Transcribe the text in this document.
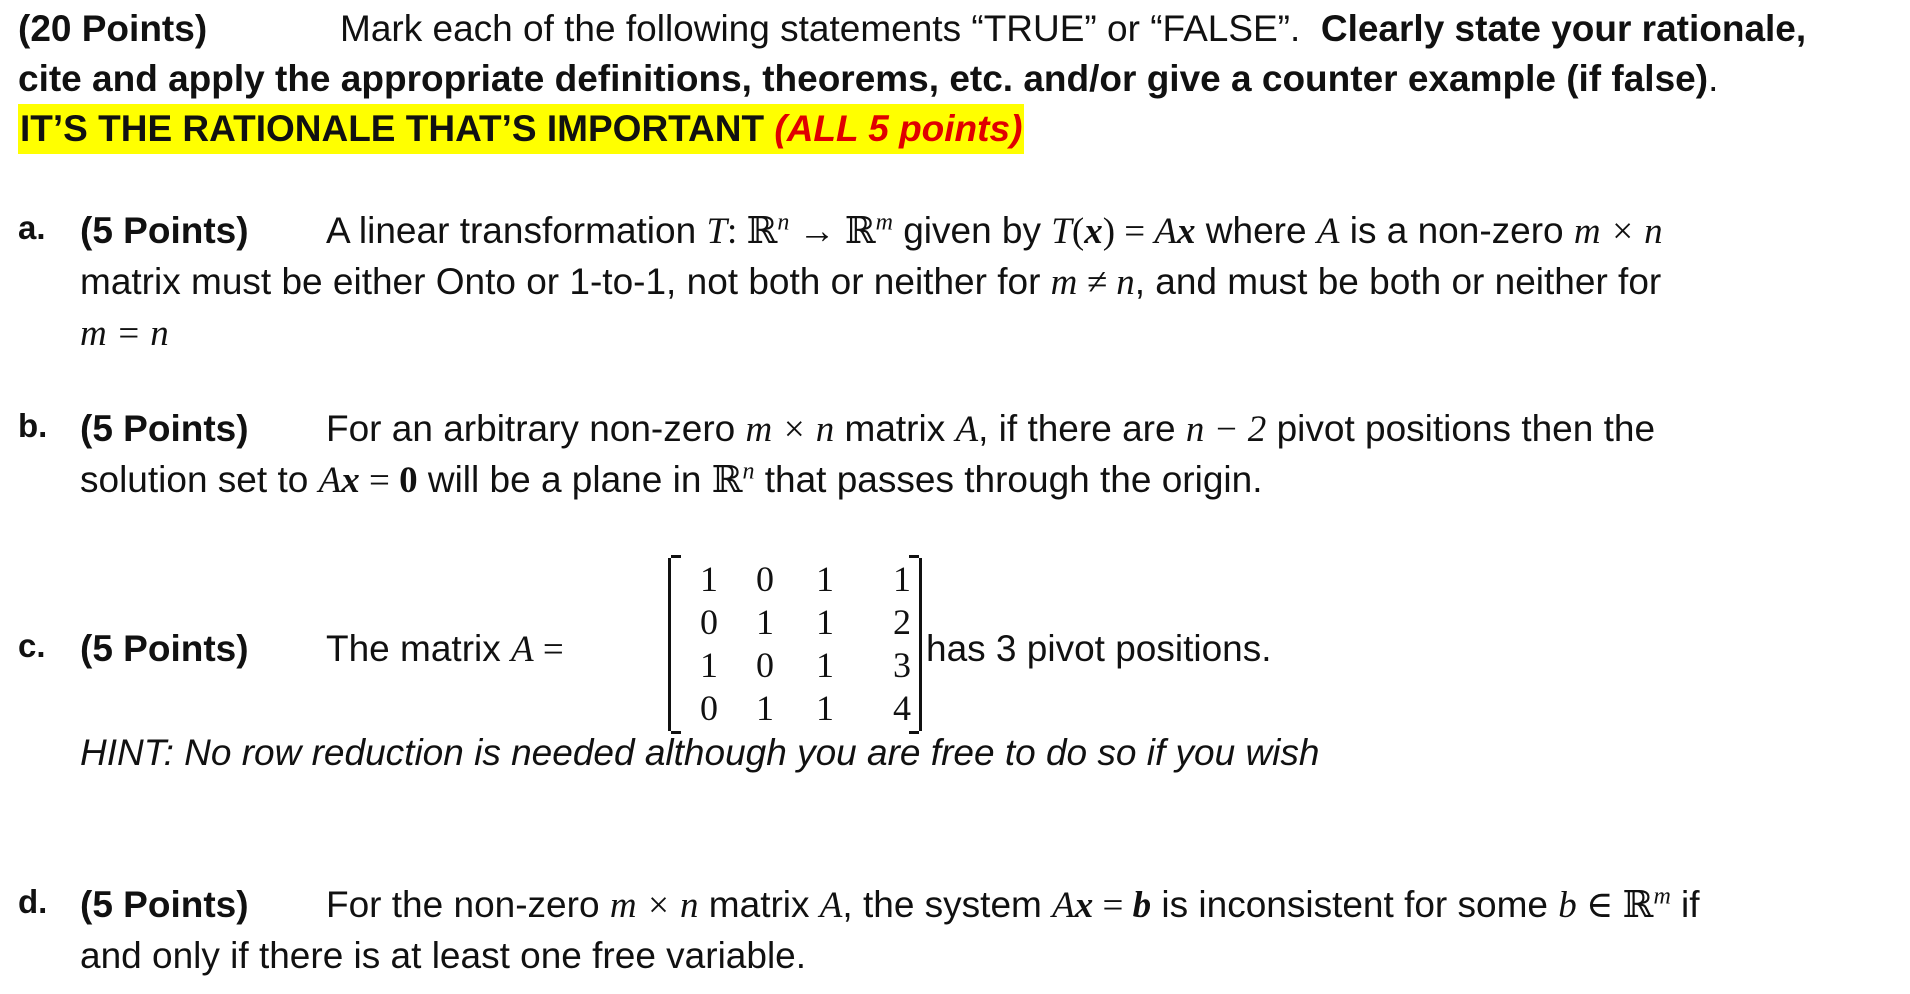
(20 Points)	Mark each of the following statements “TRUE” or “FALSE”. Clearly state your rationale,
cite and apply the appropriate definitions, theorems, etc. and/or give a counter example (if false).
IT’S THE RATIONALE THAT’S IMPORTANT (ALL 5 points)
a. (5 Points) A linear transformation T: ℝ$^n$ → ℝ$^m$ given by T(x) = Ax where A is a non-zero m × n
matrix must be either Onto or 1-to-1, not both or neither for m ≠ n, and must be both or neither for
m = n
b. (5 Points) For an arbitrary non-zero m × n matrix A, if there are n − 2 pivot positions then the
solution set to Ax = 0 will be a plane in ℝ$^n$ that passes through the origin.
c. (5 Points) The matrix A =
1	0	1	1
0	1	1	2
1	0	1	3
0	1	1	4
has 3 pivot positions.
HINT: No row reduction is needed although you are free to do so if you wish
d. (5 Points) For the non-zero m × n matrix A, the system Ax = b is inconsistent for some b ∈ ℝ$^m$ if
and only if there is at least one free variable.
